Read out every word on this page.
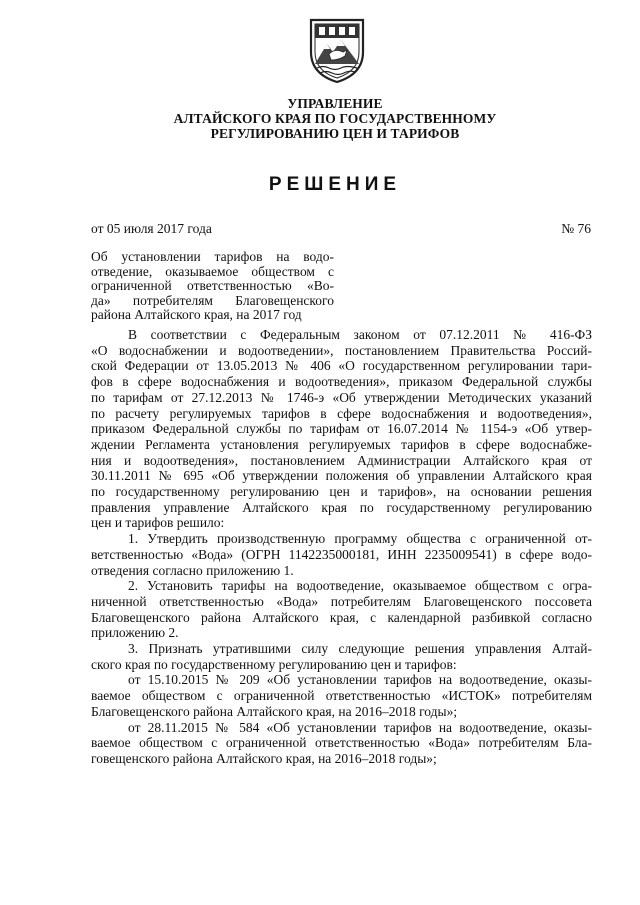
УПРАВЛЕНИЕ
АЛТАЙСКОГО КРАЯ ПО ГОСУДАРСТВЕННОМУ
РЕГУЛИРОВАНИЮ ЦЕН И ТАРИФОВ
РЕШЕНИЕ
от 05 июля 2017 года	№ 76
Об установлении тарифов на водо-
отведение, оказываемое обществом с
ограниченной ответственностью «Во-
да» потребителям Благовещенского
района Алтайского края, на 2017 год

В соответствии с Федеральным законом от 07.12.2011 № 416-ФЗ
«О водоснабжении и водоотведении», постановлением Правительства Россий-
ской Федерации от 13.05.2013 № 406 «О государственном регулировании тари-
фов в сфере водоснабжения и водоотведения», приказом Федеральной службы
по тарифам от 27.12.2013 № 1746-э «Об утверждении Методических указаний
по расчету регулируемых тарифов в сфере водоснабжения и водоотведения»,
приказом Федеральной службы по тарифам от 16.07.2014 № 1154-э «Об утвер-
ждении Регламента установления регулируемых тарифов в сфере водоснабже-
ния и водоотведения», постановлением Администрации Алтайского края от
30.11.2011 № 695 «Об утверждении положения об управлении Алтайского края
по государственному регулированию цен и тарифов», на основании решения
правления управление Алтайского края по государственному регулированию
цен и тарифов решило:

1. Утвердить производственную программу общества с ограниченной от-
ветственностью «Вода» (ОГРН 1142235000181, ИНН 2235009541) в сфере водо-
отведения согласно приложению 1.

2. Установить тарифы на водоотведение, оказываемое обществом с огра-
ниченной ответственностью «Вода» потребителям Благовещенского поссовета
Благовещенского района Алтайского края, с календарной разбивкой согласно
приложению 2.

3. Признать утратившими силу следующие решения управления Алтай-
ского края по государственному регулированию цен и тарифов:

от 15.10.2015 № 209 «Об установлении тарифов на водоотведение, оказы-
ваемое обществом с ограниченной ответственностью «ИСТОК» потребителям
Благовещенского района Алтайского края, на 2016–2018 годы»;

от 28.11.2015 № 584 «Об установлении тарифов на водоотведение, оказы-
ваемое обществом с ограниченной ответственностью «Вода» потребителям Бла-
говещенского района Алтайского края, на 2016–2018 годы»;
